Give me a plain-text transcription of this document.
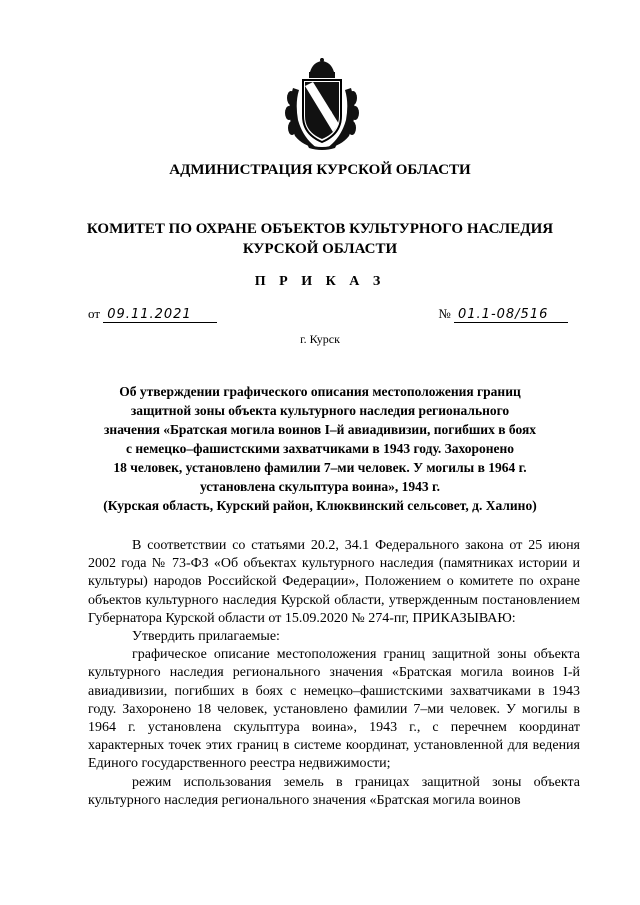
АДМИНИСТРАЦИЯ КУРСКОЙ ОБЛАСТИ
КОМИТЕТ ПО ОХРАНЕ ОБЪЕКТОВ КУЛЬТУРНОГО НАСЛЕДИЯ
КУРСКОЙ ОБЛАСТИ
П Р И К А З
от 09.11.2021	№ 01.1-08/516
г. Курск
Об утверждении графического описания местоположения границ
защитной зоны объекта культурного наследия регионального
значения «Братская могила воинов I–й авиадивизии, погибших в боях
с немецко–фашистскими захватчиками в 1943 году. Захоронено
18 человек, установлено фамилии 7–ми человек. У могилы в 1964 г.
установлена скульптура воина», 1943 г.
(Курская область, Курский район, Клюквинский сельсовет, д. Халино)

В соответствии со статьями 20.2, 34.1 Федерального закона от 25 июня 2002 года № 73-ФЗ «Об объектах культурного наследия (памятниках истории и культуры) народов Российской Федерации», Положением о комитете по охране объектов культурного наследия Курской области, утвержденным постановлением Губернатора Курской области от 15.09.2020 № 274-пг, ПРИКАЗЫВАЮ:

Утвердить прилагаемые:

графическое описание местоположения границ защитной зоны объекта культурного наследия регионального значения «Братская могила воинов I-й авиадивизии, погибших в боях с немецко–фашистскими захватчиками в 1943 году. Захоронено 18 человек, установлено фамилии 7–ми человек. У могилы в 1964 г. установлена скульптура воина», 1943 г., с перечнем координат характерных точек этих границ в системе координат, установленной для ведения Единого государственного реестра недвижимости;

режим использования земель в границах защитной зоны объекта культурного наследия регионального значения «Братская могила воинов
